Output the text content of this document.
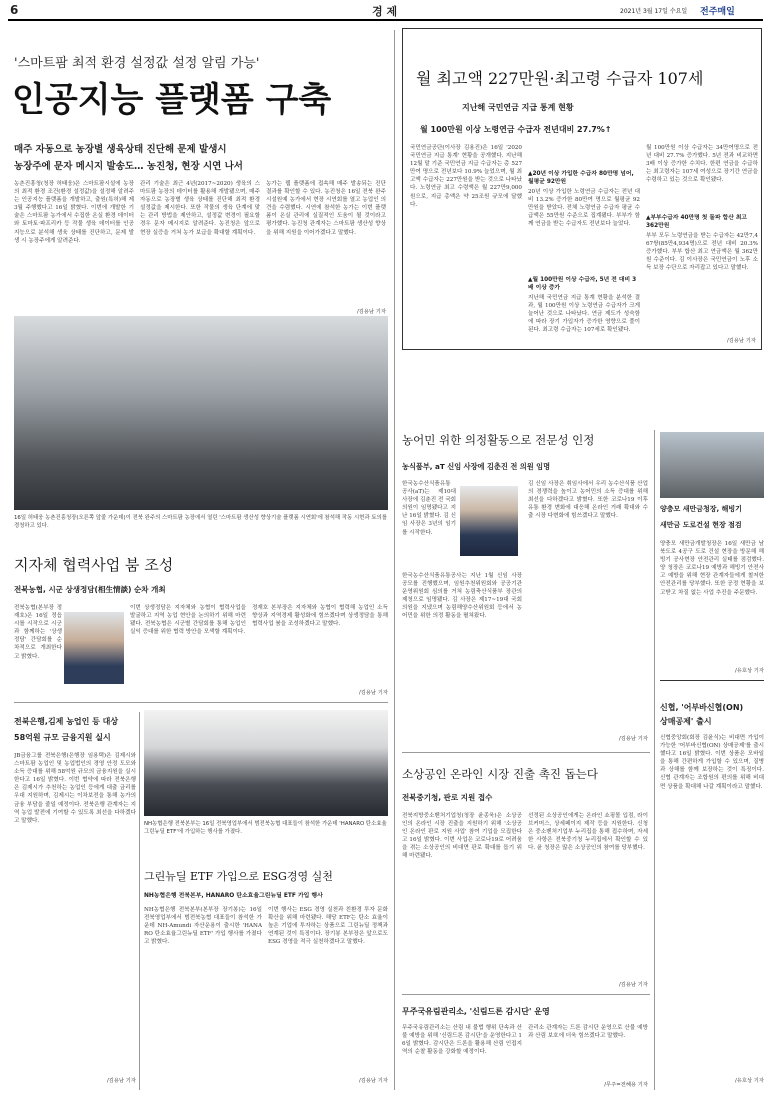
6	경 제	2021년 3월 17일 수요일 전주매일
'스마트팜 최적 환경 설정값 설정 알림 가능'
인공지능 플랫폼 구축
매주 자동으로 농장별 생육상태 진단해 문제 발생시
농장주에 문자 메시지 발송도… 농진청, 현장 시연 나서
농촌진흥청(청장 허태웅)은 스마트팜시설에 농장의 최적 환경 조건(환경 설정값)을 설정해 알려주는 인공지능 플랫폼을 개발하고, 출원(특허)해 제3월 주행했다고 16일 밝혔다. 이번에 개발한 기술은 스마트팜 농가에서 수집한 온실 환경 데이터와 토마토·파프리카 등 작물 생육 데이터를 인공지능으로 분석해 생육 상태를 진단하고, 문제 발생 시 농장주에게 알려준다.
관리 기술은 최근 4년(2017~2020) 생육의 스마트팜 농장의 데이터를 활용해 개발됐으며, 매주 자동으로 농장별 생육 상태를 진단해 최적 환경 설정값을 제시한다. 또한 작물의 생육 단계에 맞는 관리 방법을 제안하고, 설정값 변경이 필요할 경우 문자 메시지로 알려준다. 농진청은 앞으로 현장 실증을 거쳐 농가 보급을 확대할 계획이다.
농가는 웹 플랫폼에 접속해 매주 발송되는 진단 결과를 확인할 수 있다. 농진청은 16일 전북 완주 시설원예 농가에서 현장 시연회를 열고 농업인 의견을 수렴했다. 시연에 참석한 농가는 이번 플랫폼이 온실 관리에 실질적인 도움이 될 것이라고 평가했다. 농진청 관계자는 스마트팜 생산성 향상을 위해 지원을 이어가겠다고 말했다.
/김용남 기자
16일 허태웅 농촌진흥청장(오른쪽 앞줄 가운데)이 전북 완주의 스마트팜 농장에서 열린 '스마트팜 생산성 향상기술 플랫폼 시연회'에 참석해 작동 시현과 토의를 경청하고 있다.
월 최고액 227만원·최고령 수급자 107세
지난해 국민연금 지급 통계 현황
월 100만원 이상 노령연금 수급자 전년대비 27.7%↑
국민연금공단(이사장 김용진)은 16일 '2020 국민연금 지급 통계' 현황을 공개했다. 지난해 12월 말 기준 국민연금 지급 수급자는 총 527만여 명으로 전년보다 10.9% 늘었으며, 월 최고액 수급자는 227만원을 받는 것으로 나타났다. 노령연금 최고 수령액은 월 227만9,000원으로, 지급 총액은 약 25조원 규모에 달했다.
▲20년 이상 가입한 수급자 80만명 넘어, 월평균 92만원
20년 이상 가입한 노령연금 수급자는 전년 대비 13.2% 증가한 80만여 명으로 월평균 92만원을 받았다. 전체 노령연금 수급자 평균 수급액은 55만원 수준으로 집계됐다. 부부가 함께 연금을 받는 수급자도 전년보다 늘었다.
▲월 100만원 이상 수급자, 5년 전 대비 3배 이상 증가
지난해 국민연금 지급 통계 현황을 분석한 결과, 월 100만원 이상 노령연금 수급자가 크게 늘어난 것으로 나타났다. 연금 제도가 성숙함에 따라 장기 가입자가 증가한 영향으로 풀이된다. 최고령 수급자는 107세로 확인됐다.
월 100만원 이상 수급자는 34만여명으로 전년 대비 27.7% 증가했다. 5년 전과 비교하면 3배 이상 증가한 수치다. 한편 연금을 수급하는 최고령자는 107세 여성으로 장기간 연금을 수령하고 있는 것으로 확인됐다.
▲부부수급자 40만명 첫 돌파 합산 최고 362만원
부부 모두 노령연금을 받는 수급자는 42만7,467쌍(85만4,934명)으로 전년 대비 20.3% 증가했다. 부부 합산 최고 연금액은 월 362만원 수준이다. 김 이사장은 국민연금이 노후 소득 보장 수단으로 자리잡고 있다고 말했다.
/김용남 기자
농어민 위한 의정활동으로 전문성 인정
농식품부, aT 신임 사장에 김춘진 전 의원 임명
한국농수산식품유통공사(aT)는 제10대 사장에 김춘진 전 국회의원이 임명됐다고 지난 16일 밝혔다. 김 신임 사장은 3년의 임기를 시작한다.
한국농수산식품유통공사는 지난 1월 신임 사장 공모를 진행했으며, 임원추천위원회와 공공기관운영위원회 심의를 거쳐 농림축산식품부 장관의 제청으로 임명됐다. 김 사장은 제17~19대 국회의원을 지냈으며 농림해양수산위원회 등에서 농어민을 위한 의정 활동을 펼쳐왔다.
김 신임 사장은 취임사에서 우리 농수산식품 산업의 경쟁력을 높이고 농어민의 소득 증대를 위해 최선을 다하겠다고 밝혔다. 또한 코로나19 이후 유통 환경 변화에 대응해 온라인 거래 확대와 수출 시장 다변화에 힘쓰겠다고 말했다.
/김용남 기자
양충모 새만금청장, 해빙기
새만금 도로건설 현장 점검
양충모 새만금개발청장은 16일 새만금 남북도로 4공구 도로 건설 현장을 방문해 해빙기 공사현장 안전관리 실태를 점검했다. 양 청장은 코로나19 예방과 해빙기 안전사고 예방을 위해 현장 관계자들에게 철저한 안전관리를 당부했다. 또한 공정 현황을 보고받고 차질 없는 사업 추진을 주문했다.
/유호상 기자
신협, '어부바신협(ON)
상매공제' 출시
신협중앙회(회장 김윤식)는 비대면 가입이 가능한 '어부바신협(ON) 상매공제'를 출시했다고 16일 밝혔다. 이번 상품은 모바일을 통해 간편하게 가입할 수 있으며, 질병과 상해를 함께 보장하는 것이 특징이다. 신협 관계자는 조합원의 편의를 위해 비대면 상품을 확대해 나갈 계획이라고 말했다.
/유호상 기자
지자체 협력사업 붐 조성
전북농협, 시군 상생정담(相生情談) 순차 개최
전북농협(본부장 정재호)은 16일 정읍시를 시작으로 시군과 함께하는 '상생정담' 간담회를 순차적으로 개최한다고 밝혔다.
이번 상생정담은 지자체와 농협이 협력사업을 발굴하고 지역 농업 현안을 논의하기 위해 마련됐다. 전북농협은 시군별 간담회를 통해 농업인 실익 증대를 위한 협력 방안을 모색할 계획이다.
정재호 본부장은 지자체와 농협이 협력해 농업인 소득 향상과 지역경제 활성화에 힘쓰겠다며 상생정담을 통해 협력사업 붐을 조성하겠다고 말했다.
/김용남 기자
전북은행,김제 농업인 등 대상
58억원 규모 금융지원 실시
JB금융그룹 전북은행(은행장 임용택)은 김제시와 스마트팜 농업인 및 농업법인의 경영 안정 도모와 소득 증대를 위해 58억원 규모의 금융지원을 실시한다고 16일 밝혔다. 이번 협약에 따라 전북은행은 김제시가 추천하는 농업인 등에게 대출 금리를 우대 지원하며, 김제시는 이차보전을 통해 농가의 금융 부담을 줄일 예정이다. 전북은행 관계자는 지역 농업 발전에 기여할 수 있도록 최선을 다하겠다고 말했다.
/김용남 기자
NH농협은행 전북본부는 16일 전북영업부에서 범전북농협 대표들이 참석한 가운데 'HANARO 탄소효율그린뉴딜 ETF'에 가입하는 행사를 가졌다.
그린뉴딜 ETF 가입으로 ESG경영 실천
NH농협은행 전북본부, HANARO 탄소효율그린뉴딜 ETF 가입 행사
NH농협은행 전북본부(본부장 장기봉)는 16일 전북영업부에서 범전북농협 대표들이 참석한 가운데 NH-Amundi 자산운용이 출시한 'HANARO 탄소효율그린뉴딜 ETF' 가입 행사를 가졌다고 밝혔다.
이번 행사는 ESG 경영 실천과 친환경 투자 문화 확산을 위해 마련됐다. 해당 ETF는 탄소 효율이 높은 기업에 투자하는 상품으로 그린뉴딜 정책과 연계된 것이 특징이다. 장기봉 본부장은 앞으로도 ESG 경영을 적극 실천하겠다고 말했다.
/김용남 기자
소상공인 온라인 시장 진출 촉진 돕는다
전북중기청, 판로 지원 접수
전북지방중소벤처기업청(청장 윤종욱)은 소상공인의 온라인 시장 진출을 지원하기 위해 '소상공인 온라인 판로 지원 사업' 참여 기업을 모집한다고 16일 밝혔다. 이번 사업은 코로나19로 어려움을 겪는 소상공인의 비대면 판로 확대를 돕기 위해 마련됐다.
선정된 소상공인에게는 온라인 쇼핑몰 입점, 라이브커머스, 상세페이지 제작 등을 지원한다. 신청은 중소벤처기업부 누리집을 통해 접수하며, 자세한 사항은 전북중기청 누리집에서 확인할 수 있다. 윤 청장은 많은 소상공인의 참여를 당부했다.
/김용남 기자
무주국유림관리소, '신림드론 감시단' 운영
무주국유림관리소는 산림 내 불법 행위 단속과 산불 예방을 위해 '신림드론 감시단'을 운영한다고 16일 밝혔다. 감시단은 드론을 활용해 산림 인접지역의 순찰 활동을 강화할 예정이다.
관리소 관계자는 드론 감시단 운영으로 산불 예방과 산림 보호에 더욱 힘쓰겠다고 말했다.
/무주=전혜용 기자
